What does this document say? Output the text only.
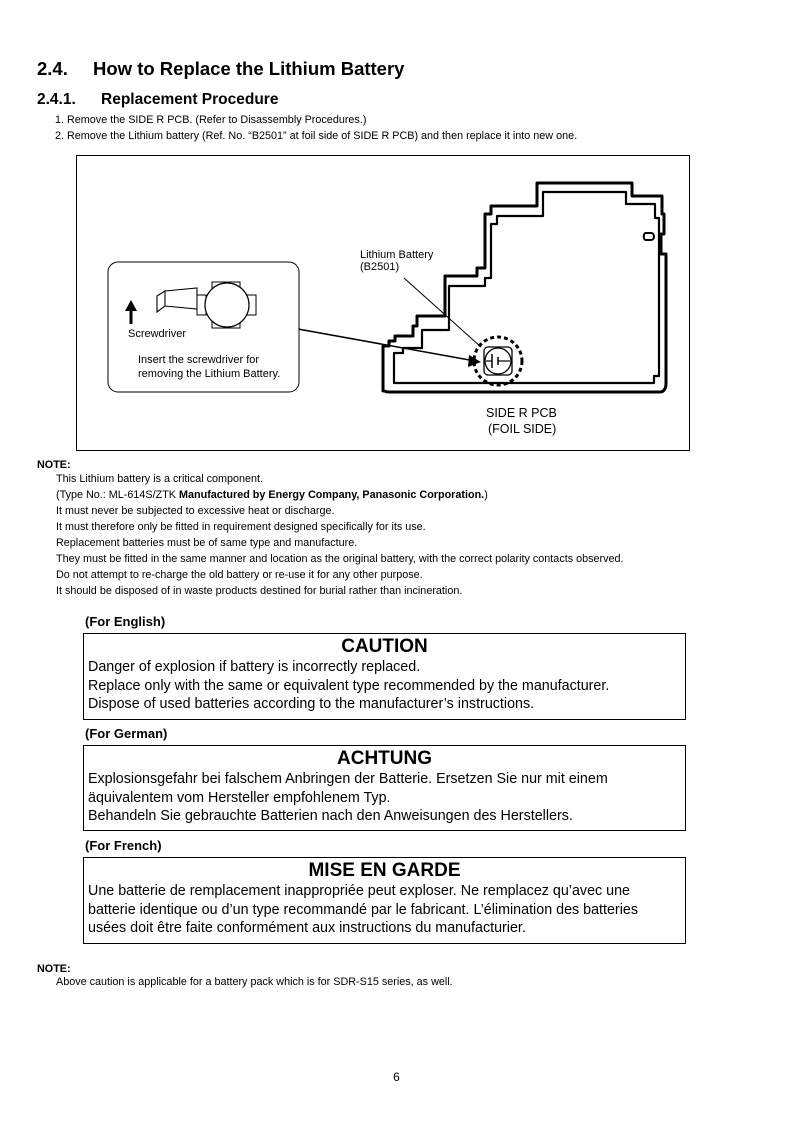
2.4. How to Replace the Lithium Battery
2.4.1. Replacement Procedure
1. Remove the SIDE R PCB. (Refer to Disassembly Procedures.)
2. Remove the Lithium battery (Ref. No. “B2501” at foil side of SIDE R PCB) and then replace it into new one.
Lithium Battery
(B2501)
SIDE R PCB
(FOIL SIDE)
Screwdriver
Insert the screwdriver for
removing the Lithium Battery.
NOTE:
This Lithium battery is a critical component.
(Type No.: ML-614S/ZTK Manufactured by Energy Company, Panasonic Corporation.)
It must never be subjected to excessive heat or discharge.
It must therefore only be fitted in requirement designed specifically for its use.
Replacement batteries must be of same type and manufacture.
They must be fitted in the same manner and location as the original battery, with the correct polarity contacts observed.
Do not attempt to re-charge the old battery or re-use it for any other purpose.
It should be disposed of in waste products destined for burial rather than incineration.
(For English)
CAUTION
Danger of explosion if battery is incorrectly replaced.
Replace only with the same or equivalent type recommended by the manufacturer.
Dispose of used batteries according to the manufacturer’s instructions.
(For German)
ACHTUNG
Explosionsgefahr bei falschem Anbringen der Batterie. Ersetzen Sie nur mit einem
äquivalentem vom Hersteller empfohlenem Typ.
Behandeln Sie gebrauchte Batterien nach den Anweisungen des Herstellers.
(For French)
MISE EN GARDE
Une batterie de remplacement inappropriée peut exploser. Ne remplacez qu’avec une
batterie identique ou d’un type recommandé par le fabricant. L’élimination des batteries
usées doit être faite conformément aux instructions du manufacturier.
NOTE:
Above caution is applicable for a battery pack which is for SDR-S15 series, as well.
6
